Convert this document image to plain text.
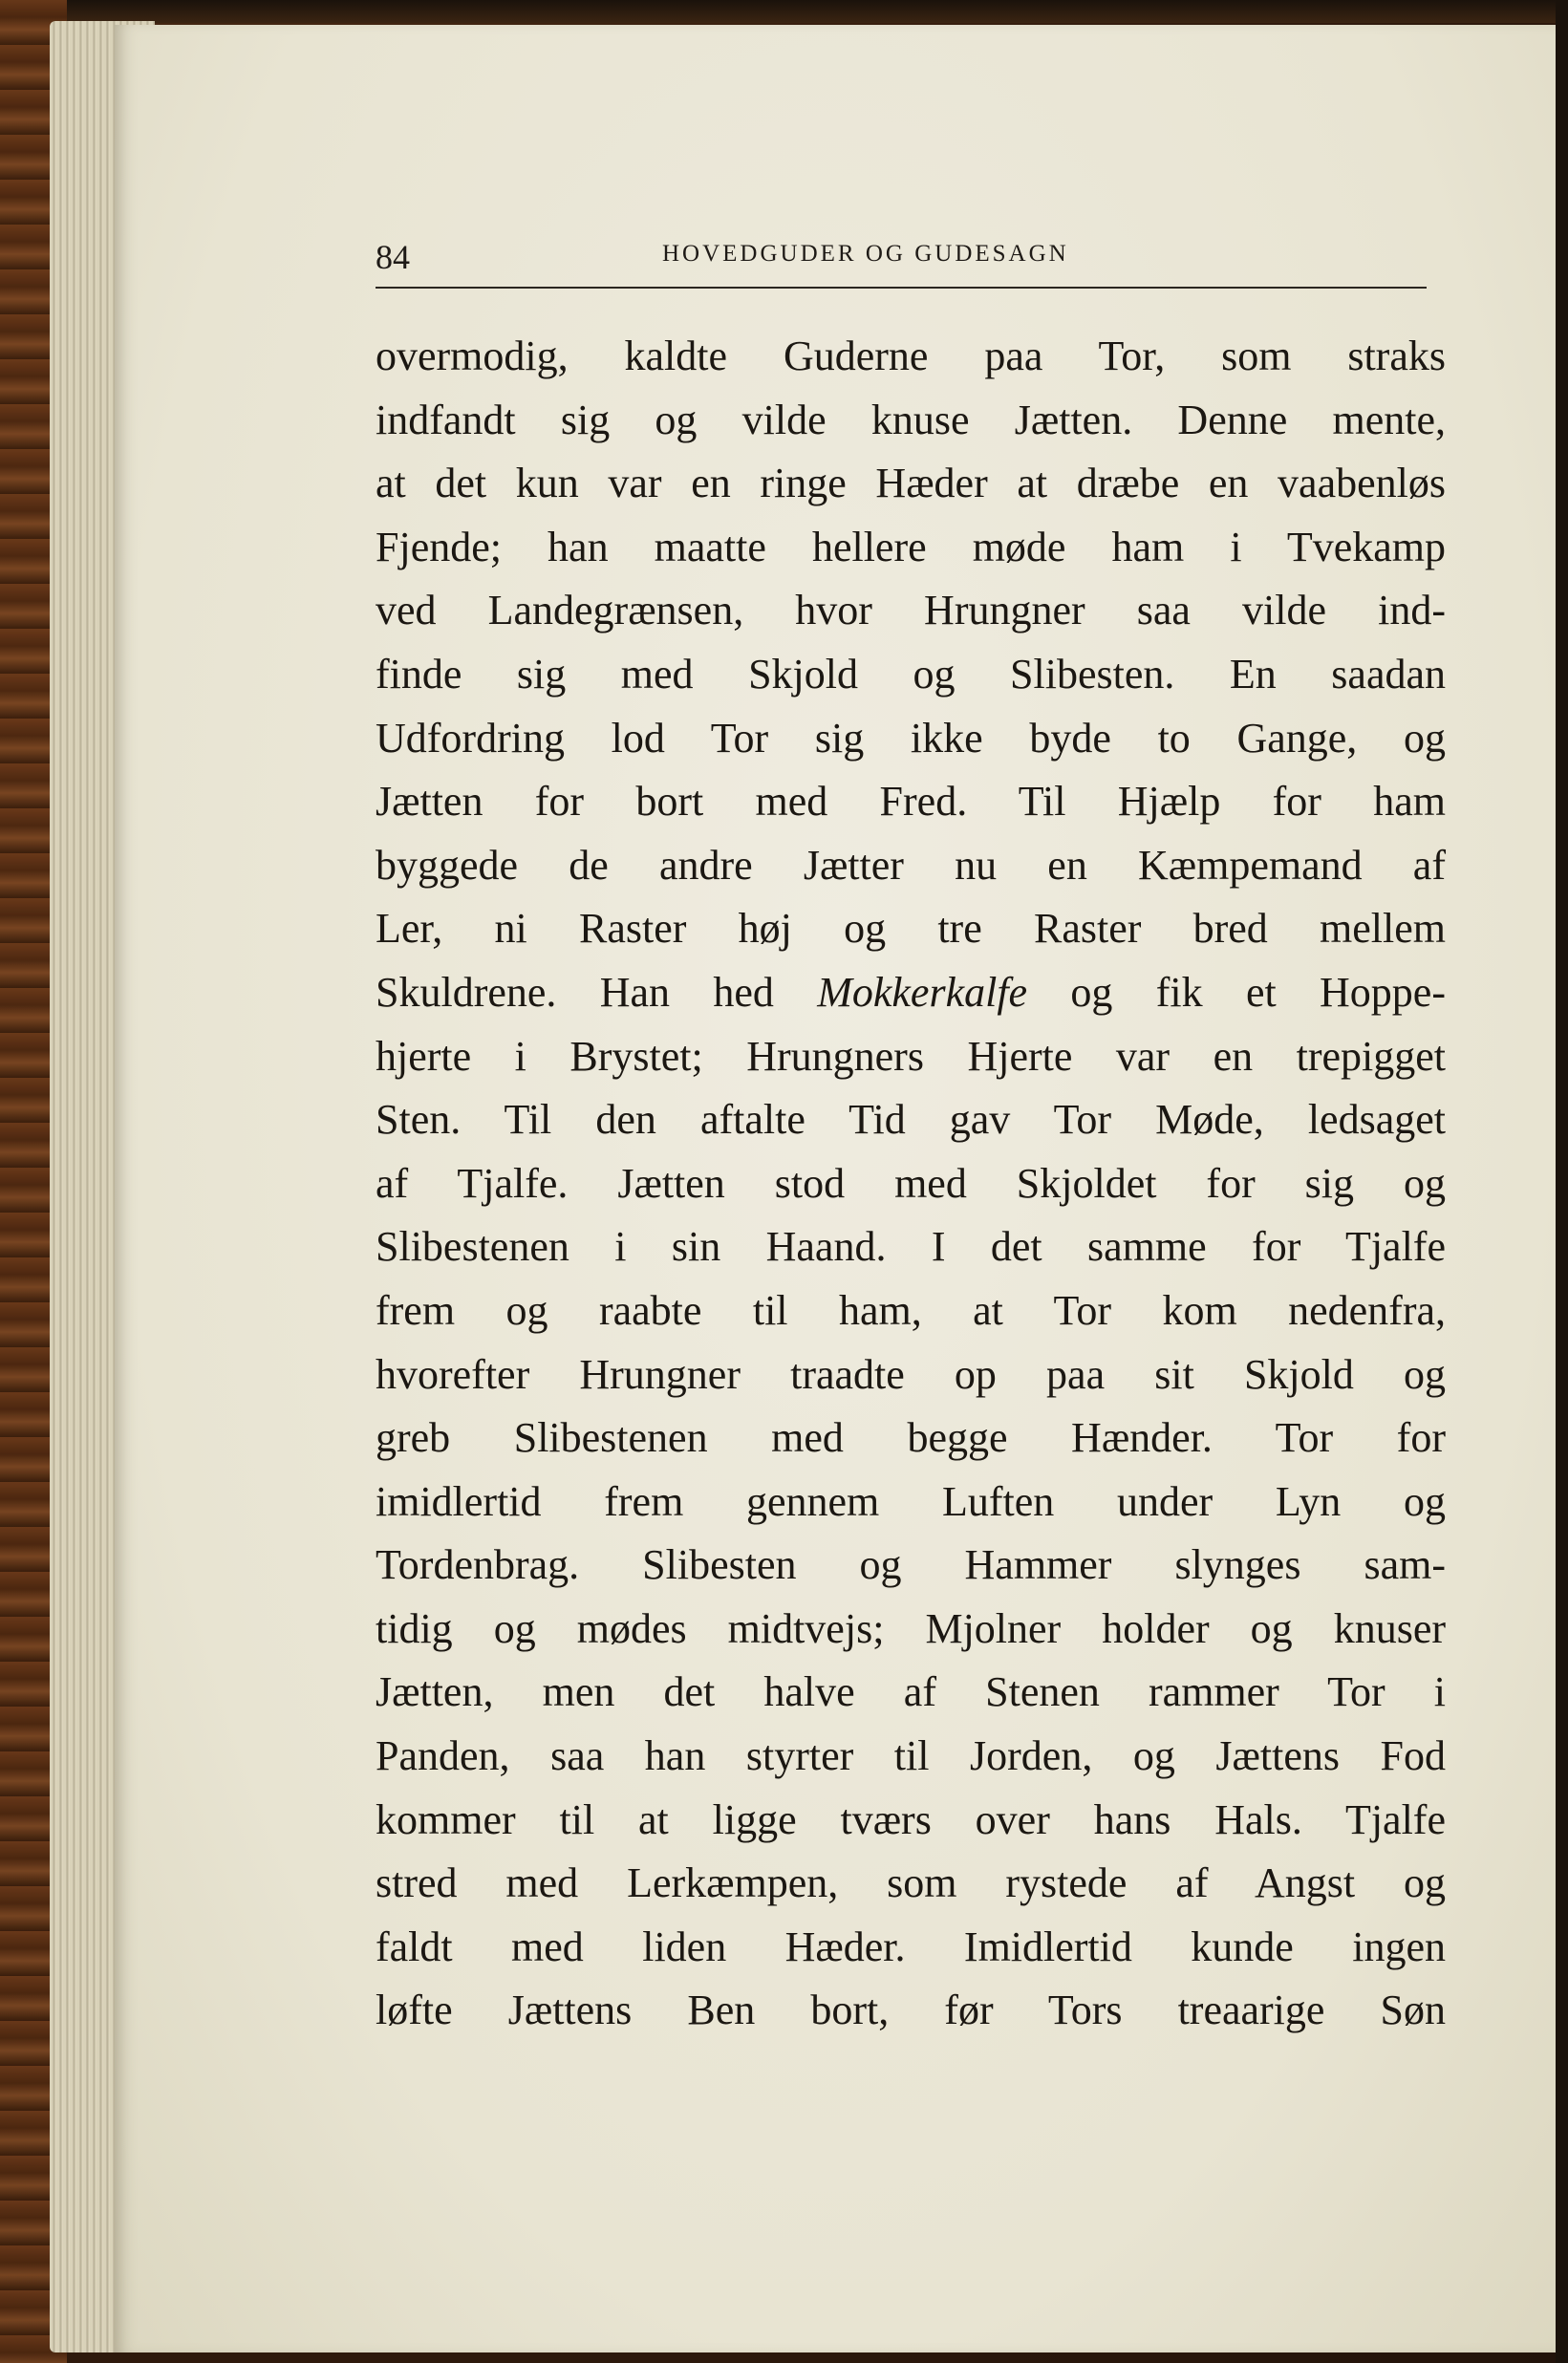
84	HOVEDGUDER OG GUDESAGN
overmodig, kaldte Guderne paa Tor, som straks
indfandt sig og vilde knuse Jætten. Denne mente,
at det kun var en ringe Hæder at dræbe en vaabenløs
Fjende; han maatte hellere møde ham i Tvekamp
ved Landegrænsen, hvor Hrungner saa vilde ind-
finde sig med Skjold og Slibesten. En saadan
Udfordring lod Tor sig ikke byde to Gange, og
Jætten for bort med Fred. Til Hjælp for ham
byggede de andre Jætter nu en Kæmpemand af
Ler, ni Raster høj og tre Raster bred mellem
Skuldrene. Han hed Mokkerkalfe og fik et Hoppe-
hjerte i Brystet; Hrungners Hjerte var en trepigget
Sten. Til den aftalte Tid gav Tor Møde, ledsaget
af Tjalfe. Jætten stod med Skjoldet for sig og
Slibestenen i sin Haand. I det samme for Tjalfe
frem og raabte til ham, at Tor kom nedenfra,
hvorefter Hrungner traadte op paa sit Skjold og
greb Slibestenen med begge Hænder. Tor for
imidlertid frem gennem Luften under Lyn og
Tordenbrag. Slibesten og Hammer slynges sam-
tidig og mødes midtvejs; Mjolner holder og knuser
Jætten, men det halve af Stenen rammer Tor i
Panden, saa han styrter til Jorden, og Jættens Fod
kommer til at ligge tværs over hans Hals. Tjalfe
stred med Lerkæmpen, som rystede af Angst og
faldt med liden Hæder. Imidlertid kunde ingen
løfte Jættens Ben bort, før Tors treaarige Søn
